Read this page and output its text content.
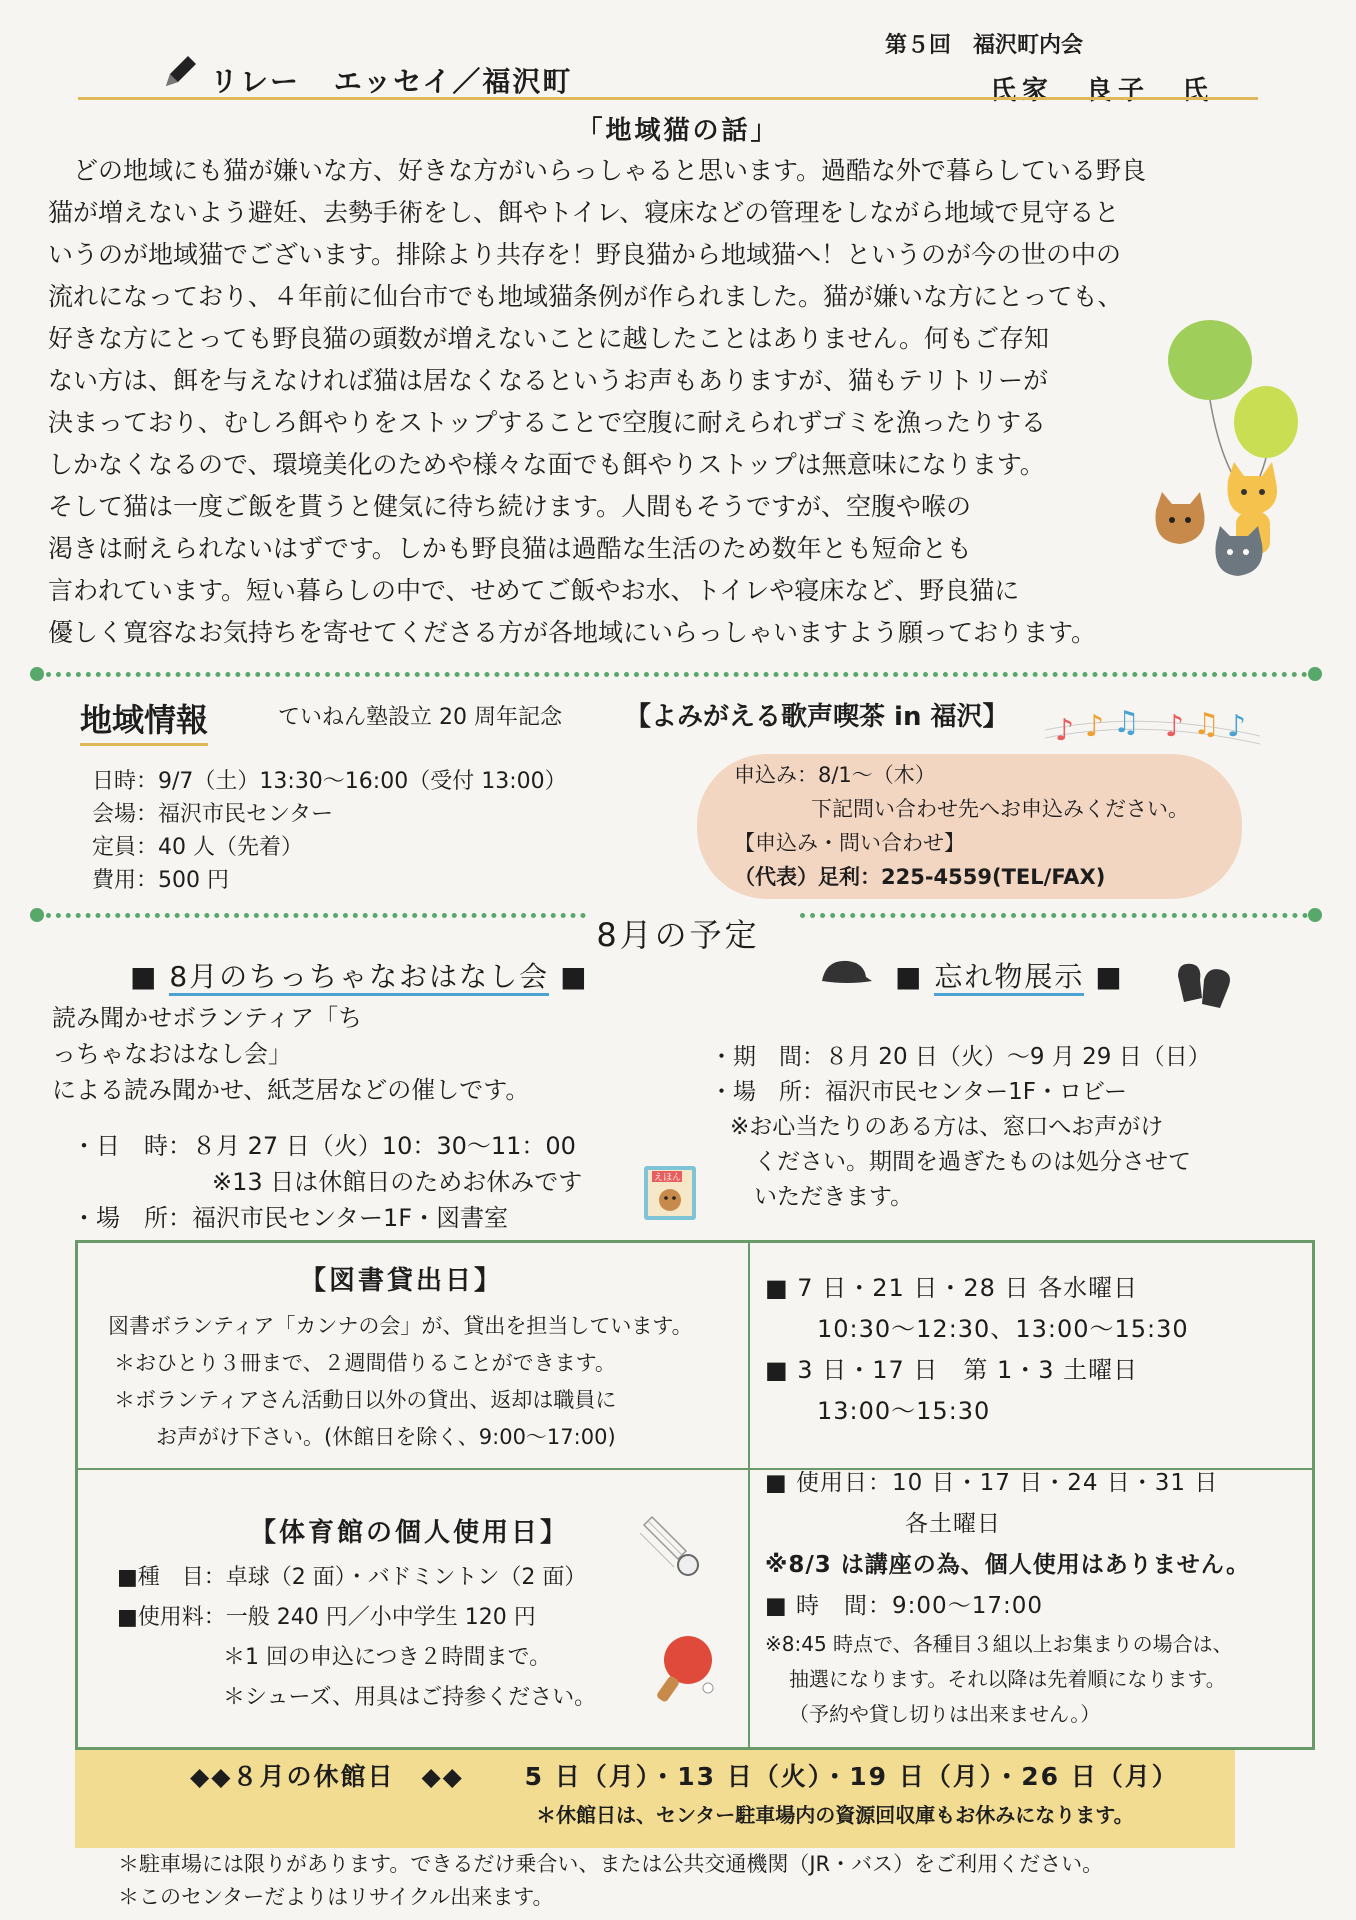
リレー エッセイ／福沢町
第５回　福沢町内会
氏家　良子　氏
「地域猫の話」
　どの地域にも猫が嫌いな方、好きな方がいらっしゃると思います。過酷な外で暮らしている野良
猫が増えないよう避妊、去勢手術をし、餌やトイレ、寝床などの管理をしながら地域で見守ると
いうのが地域猫でございます。排除より共存を！野良猫から地域猫へ！というのが今の世の中の
流れになっており、４年前に仙台市でも地域猫条例が作られました。猫が嫌いな方にとっても、
好きな方にとっても野良猫の頭数が増えないことに越したことはありません。何もご存知
ない方は、餌を与えなければ猫は居なくなるというお声もありますが、猫もテリトリーが
決まっており、むしろ餌やりをストップすることで空腹に耐えられずゴミを漁ったりする
しかなくなるので、環境美化のためや様々な面でも餌やりストップは無意味になります。
そして猫は一度ご飯を貰うと健気に待ち続けます。人間もそうですが、空腹や喉の
渇きは耐えられないはずです。しかも野良猫は過酷な生活のため数年とも短命とも
言われています。短い暮らしの中で、せめてご飯やお水、トイレや寝床など、野良猫に
優しく寛容なお気持ちを寄せてくださる方が各地域にいらっしゃいますよう願っております。
地域情報	ていねん塾設立 20 周年記念 【よみがえる歌声喫茶 in 福沢】 ♪ ♪ ♫ ♪ ♫ ♪
日時：9/7（土）13:30～16:00（受付 13:00）
会場：福沢市民センター
定員：40 人（先着）
費用：500 円
申込み：8/1～（木）
下記問い合わせ先へお申込みください。
【申込み・問い合わせ】
（代表）足利：225-4559(TEL/FAX)
8月の予定
■ 8月のちっちゃなおはなし会 ■
読み聞かせボランティア「ち
っちゃなおはなし会」
による読み聞かせ、紙芝居などの催しです。
・日　時：８月 27 日（火）10：30～11：00
※13 日は休館日のためお休みです
・場　所：福沢市民センター1F・図書室
えほん
■ 忘れ物展示 ■
・期　間：８月 20 日（火）～9 月 29 日（日）
・場　所：福沢市民センター1F・ロビー
※お心当たりのある方は、窓口へお声がけ
ください。期間を過ぎたものは処分させて
いただきます。
【図書貸出日】
図書ボランティア「カンナの会」が、貸出を担当しています。
＊おひとり３冊まで、２週間借りることができます。
＊ボランティアさん活動日以外の貸出、返却は職員に
お声がけ下さい。(休館日を除く、9:00～17:00)
■ 7 日・21 日・28 日 各水曜日
10:30～12:30、13:00～15:30
■ 3 日・17 日　第 1・3 土曜日
13:00～15:30
【体育館の個人使用日】
■種　目：卓球（2 面）・バドミントン（2 面）
■使用料：一般 240 円／小中学生 120 円
＊1 回の申込につき２時間まで。
＊シューズ、用具はご持参ください。
■ 使用日：10 日・17 日・24 日・31 日
各土曜日
※8/3 は講座の為、個人使用はありません。
■ 時　間：9:00～17:00
※8:45 時点で、各種目３組以上お集まりの場合は、
抽選になります。それ以降は先着順になります。
（予約や貸し切りは出来ません。）
◆◆８月の休館日　◆◆ 5 日（月）・13 日（火）・19 日（月）・26 日（月）
＊休館日は、センター駐車場内の資源回収庫もお休みになります。
＊駐車場には限りがあります。できるだけ乗合い、または公共交通機関（JR・バス）をご利用ください。
＊このセンターだよりはリサイクル出来ます。
